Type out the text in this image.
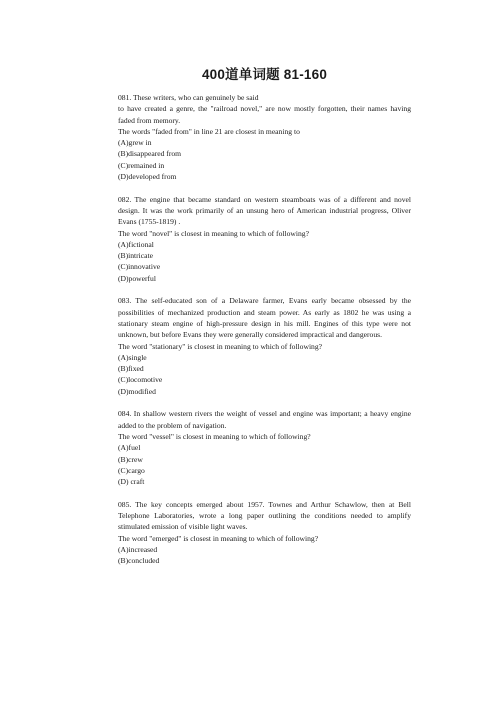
400道单词题 81-160

081. These writers, who can genuinely be said

to have created a genre, the "railroad novel," are now mostly forgotten, their names having faded from memory.

The words "faded from" in line 21 are closest in meaning to

(A)grew in

(B)disappeared from

(C)remained in

(D)developed from

082. The engine that became standard on western steamboats was of a different and novel design. It was the work primarily of an unsung hero of American industrial progress, Oliver Evans (1755-1819) .

The word "novel" is closest in meaning to which of following?

(A)fictional

(B)intricate

(C)innovative

(D)powerful

083. The self-educated son of a Delaware farmer, Evans early became obsessed by the possibilities of mechanized production and steam power. As early as 1802 he was using a stationary steam engine of high-pressure design in his mill. Engines of this type were not unknown, but before Evans they were generally considered impractical and dangerous.

The word "stationary" is closest in meaning to which of following?

(A)single

(B)fixed

(C)locomotive

(D)modified

084. In shallow western rivers the weight of vessel and engine was important; a heavy engine added to the problem of navigation.

The word "vessel" is closest in meaning to which of following?

(A)fuel

(B)crew

(C)cargo

(D) craft

085. The key concepts emerged about 1957. Townes and Arthur Schawlow, then at Bell Telephone Laboratories, wrote a long paper outlining the conditions needed to amplify stimulated emission of visible light waves.

The word "emerged" is closest in meaning to which of following?

(A)increased

(B)concluded
